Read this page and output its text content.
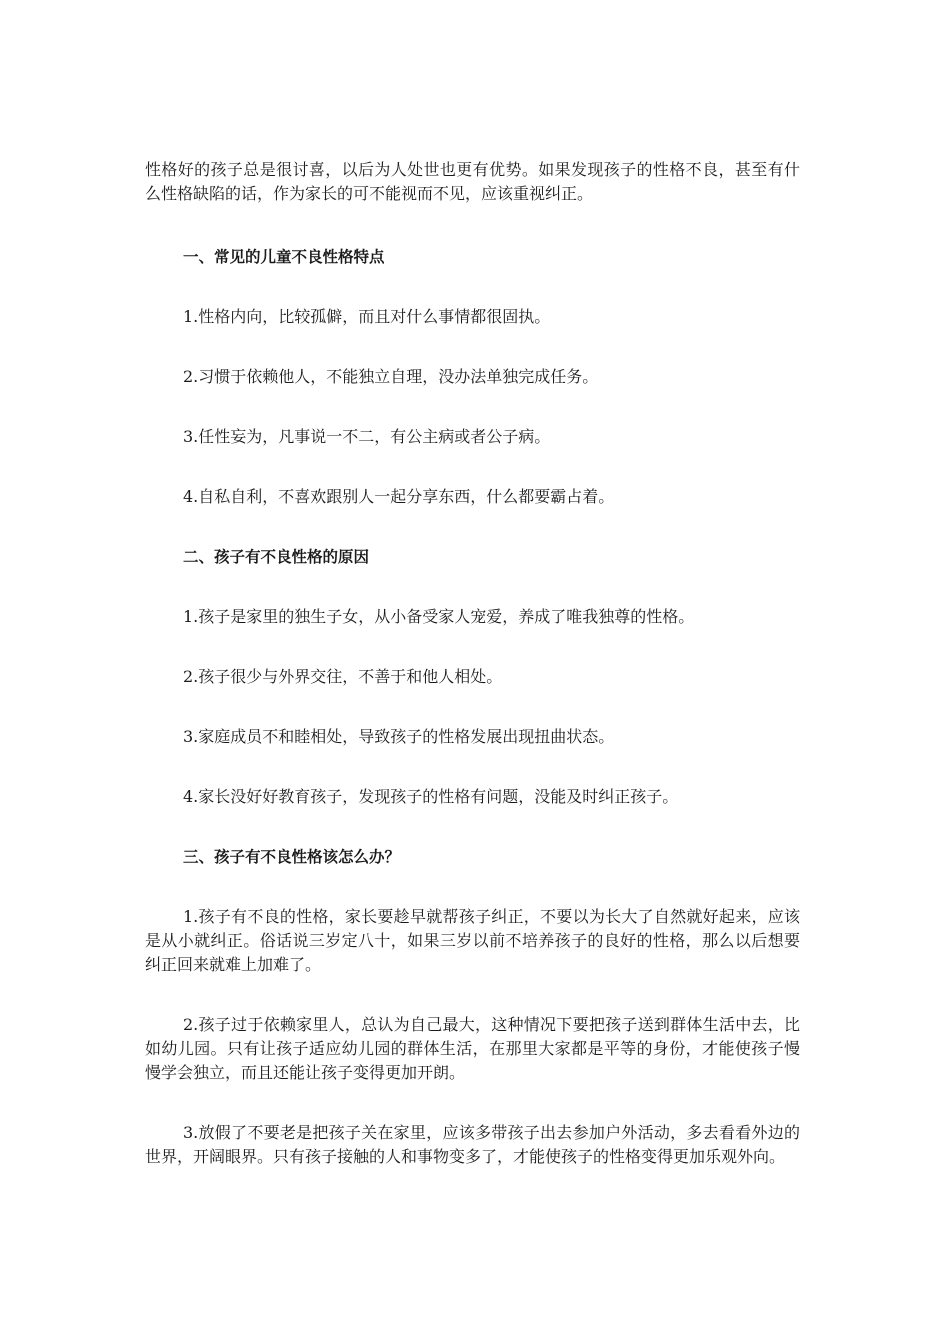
性格好的孩子总是很讨喜，以后为人处世也更有优势。如果发现孩子的性格不良，甚至有什么性格缺陷的话，作为家长的可不能视而不见，应该重视纠正。

一、常见的儿童不良性格特点

1.性格内向，比较孤僻，而且对什么事情都很固执。

2.习惯于依赖他人，不能独立自理，没办法单独完成任务。

3.任性妄为，凡事说一不二，有公主病或者公子病。

4.自私自利，不喜欢跟别人一起分享东西，什么都要霸占着。

二、孩子有不良性格的原因

1.孩子是家里的独生子女，从小备受家人宠爱，养成了唯我独尊的性格。

2.孩子很少与外界交往，不善于和他人相处。

3.家庭成员不和睦相处，导致孩子的性格发展出现扭曲状态。

4.家长没好好教育孩子，发现孩子的性格有问题，没能及时纠正孩子。

三、孩子有不良性格该怎么办？

1.孩子有不良的性格，家长要趁早就帮孩子纠正，不要以为长大了自然就好起来，应该是从小就纠正。俗话说三岁定八十，如果三岁以前不培养孩子的良好的性格，那么以后想要纠正回来就难上加难了。

2.孩子过于依赖家里人，总认为自己最大，这种情况下要把孩子送到群体生活中去，比如幼儿园。只有让孩子适应幼儿园的群体生活，在那里大家都是平等的身份，才能使孩子慢慢学会独立，而且还能让孩子变得更加开朗。

3.放假了不要老是把孩子关在家里，应该多带孩子出去参加户外活动，多去看看外边的世界，开阔眼界。只有孩子接触的人和事物变多了，才能使孩子的性格变得更加乐观外向。
